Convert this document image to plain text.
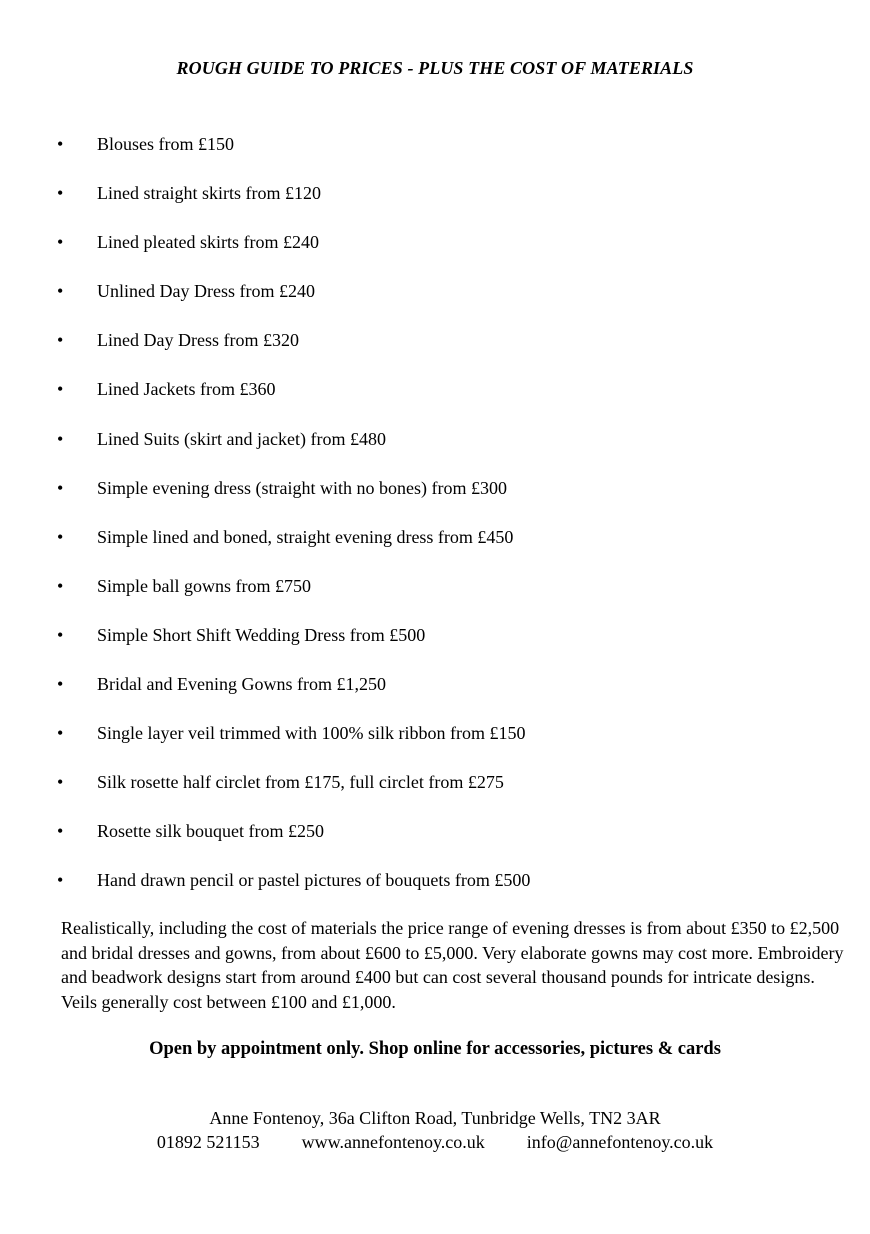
ROUGH GUIDE TO PRICES - PLUS THE COST OF MATERIALS
•	Blouses from £150
•	Lined straight skirts from £120
•	Lined pleated skirts from £240
•	Unlined Day Dress from £240
•	Lined Day Dress from £320
•	Lined Jackets from £360
•	Lined Suits (skirt and jacket) from £480
•	Simple evening dress (straight with no bones) from £300
•	Simple lined and boned, straight evening dress from £450
•	Simple ball gowns from £750
•	Simple Short Shift Wedding Dress from £500
•	Bridal and Evening Gowns from £1,250
•	Single layer veil trimmed with 100% silk ribbon from £150
•	Silk rosette half circlet from £175, full circlet from £275
•	Rosette silk bouquet from £250
•	Hand drawn pencil or pastel pictures of bouquets from £500

Realistically, including the cost of materials the price range of evening dresses is from about £350 to £2,500 and bridal dresses and gowns, from about £600 to £5,000. Very elaborate gowns may cost more. Embroidery and beadwork designs start from around £400 but can cost several thousand pounds for intricate designs. Veils generally cost between £100 and £1,000.

Open by appointment only. Shop online for accessories, pictures & cards
Anne Fontenoy, 36a Clifton Road, Tunbridge Wells, TN2 3AR
01892 521153 www.annefontenoy.co.uk info@annefontenoy.co.uk
